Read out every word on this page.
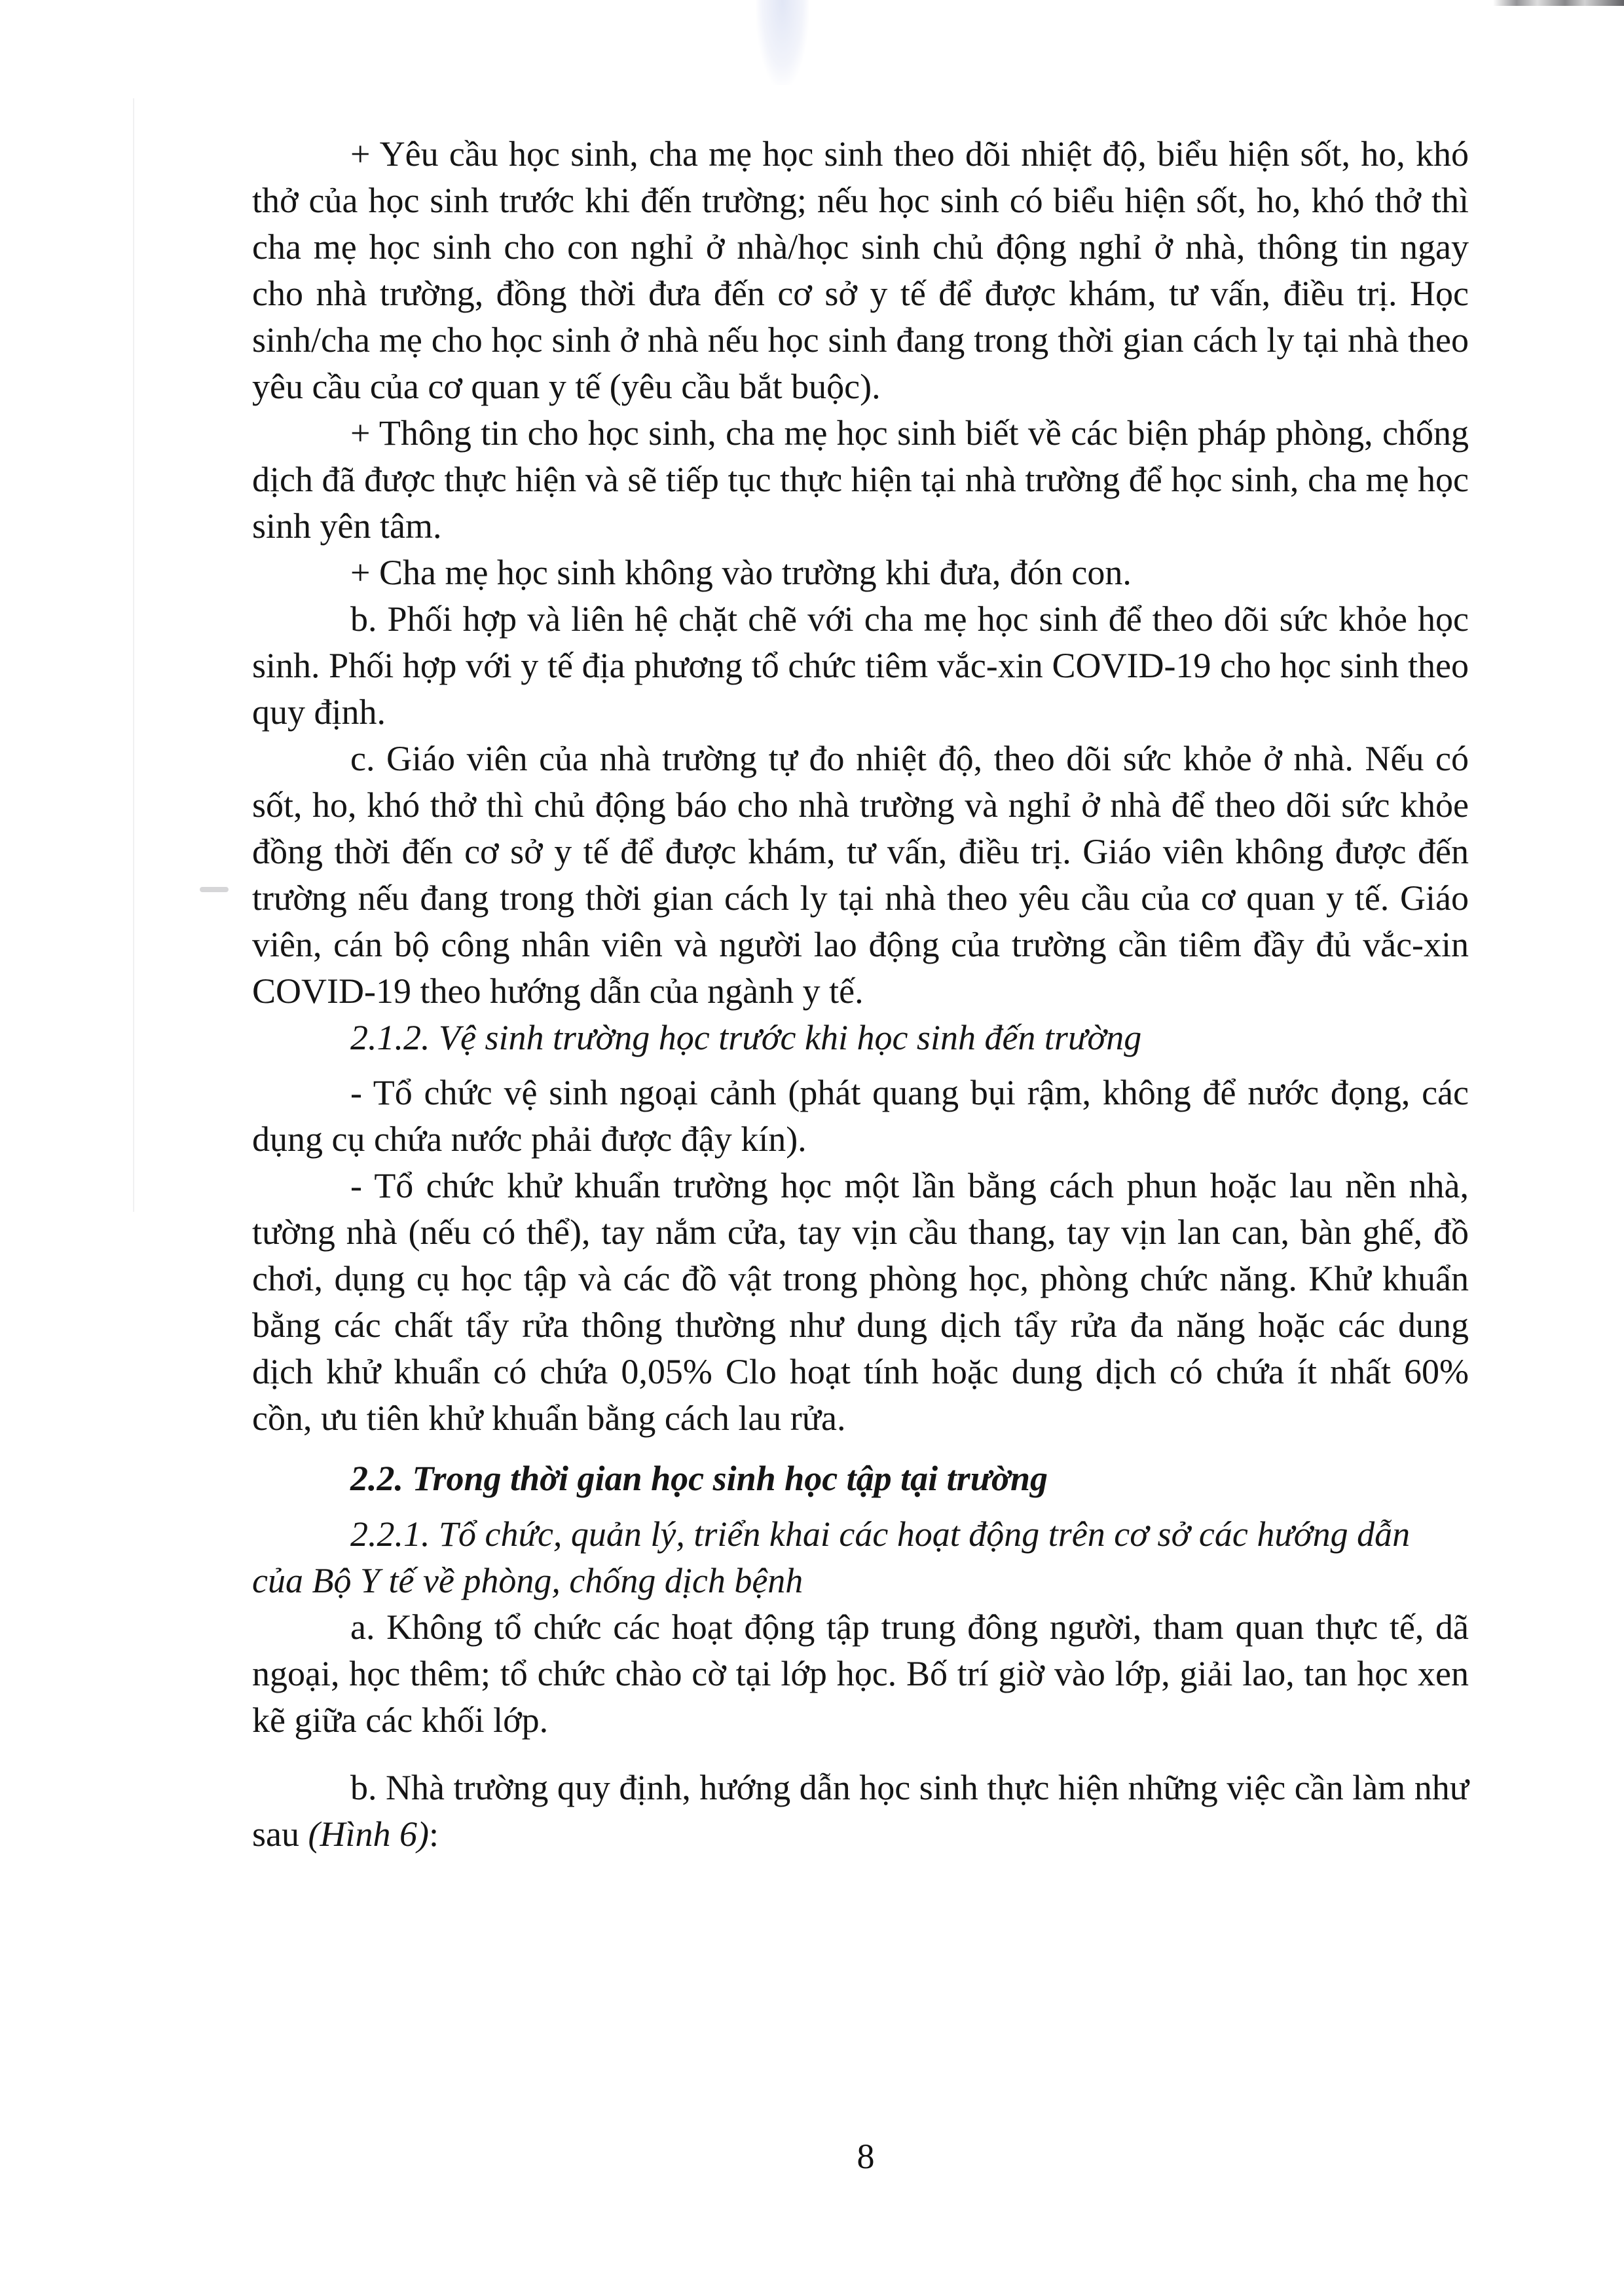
+ Yêu cầu học sinh, cha mẹ học sinh theo dõi nhiệt độ, biểu hiện sốt, ho, khó thở của học sinh trước khi đến trường; nếu học sinh có biểu hiện sốt, ho, khó thở thì cha mẹ học sinh cho con nghỉ ở nhà/học sinh chủ động nghỉ ở nhà, thông tin ngay cho nhà trường, đồng thời đưa đến cơ sở y tế để được khám, tư vấn, điều trị. Học sinh/cha mẹ cho học sinh ở nhà nếu học sinh đang trong thời gian cách ly tại nhà theo yêu cầu của cơ quan y tế (yêu cầu bắt buộc).

+ Thông tin cho học sinh, cha mẹ học sinh biết về các biện pháp phòng, chống dịch đã được thực hiện và sẽ tiếp tục thực hiện tại nhà trường để học sinh, cha mẹ học sinh yên tâm.

+ Cha mẹ học sinh không vào trường khi đưa, đón con.

b. Phối hợp và liên hệ chặt chẽ với cha mẹ học sinh để theo dõi sức khỏe học sinh. Phối hợp với y tế địa phương tổ chức tiêm vắc-xin COVID-19 cho học sinh theo quy định.

c. Giáo viên của nhà trường tự đo nhiệt độ, theo dõi sức khỏe ở nhà. Nếu có sốt, ho, khó thở thì chủ động báo cho nhà trường và nghỉ ở nhà để theo dõi sức khỏe đồng thời đến cơ sở y tế để được khám, tư vấn, điều trị. Giáo viên không được đến trường nếu đang trong thời gian cách ly tại nhà theo yêu cầu của cơ quan y tế. Giáo viên, cán bộ công nhân viên và người lao động của trường cần tiêm đầy đủ vắc-xin COVID-19 theo hướng dẫn của ngành y tế.

2.1.2. Vệ sinh trường học trước khi học sinh đến trường

- Tổ chức vệ sinh ngoại cảnh (phát quang bụi rậm, không để nước đọng, các dụng cụ chứa nước phải được đậy kín).

- Tổ chức khử khuẩn trường học một lần bằng cách phun hoặc lau nền nhà, tường nhà (nếu có thể), tay nắm cửa, tay vịn cầu thang, tay vịn lan can, bàn ghế, đồ chơi, dụng cụ học tập và các đồ vật trong phòng học, phòng chức năng. Khử khuẩn bằng các chất tẩy rửa thông thường như dung dịch tẩy rửa đa năng hoặc các dung dịch khử khuẩn có chứa 0,05% Clo hoạt tính hoặc dung dịch có chứa ít nhất 60% cồn, ưu tiên khử khuẩn bằng cách lau rửa.

2.2. Trong thời gian học sinh học tập tại trường

2.2.1. Tổ chức, quản lý, triển khai các hoạt động trên cơ sở các hướng dẫn của Bộ Y tế về phòng, chống dịch bệnh

a. Không tổ chức các hoạt động tập trung đông người, tham quan thực tế, dã ngoại, học thêm; tổ chức chào cờ tại lớp học. Bố trí giờ vào lớp, giải lao, tan học xen kẽ giữa các khối lớp.

b. Nhà trường quy định, hướng dẫn học sinh thực hiện những việc cần làm như sau (Hình 6):

8
